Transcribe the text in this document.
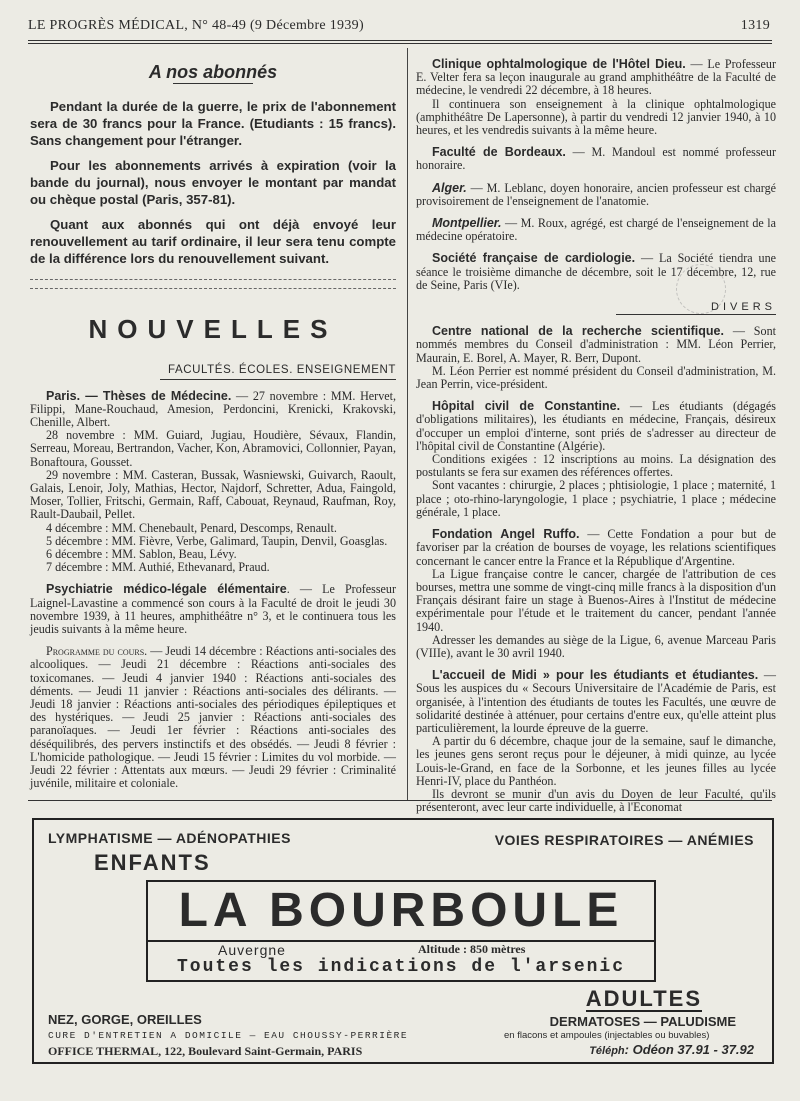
LE PROGRÈS MÉDICAL, N° 48-49 (9 Décembre 1939)	1319
A nos abonnés

Pendant la durée de la guerre, le prix de l'abonnement sera de 30 francs pour la France. (Etudiants : 15 francs). Sans changement pour l'étranger.

Pour les abonnements arrivés à expiration (voir la bande du journal), nous envoyer le montant par mandat ou chèque postal (Paris, 357-81).

Quant aux abonnés qui ont déjà envoyé leur renouvellement au tarif ordinaire, il leur sera tenu compte de la différence lors du renouvellement suivant.

NOUVELLES
FACULTÉS. ÉCOLES. ENSEIGNEMENT

Paris. — Thèses de Médecine. — 27 novembre : MM. Hervet, Filippi, Mane-Rouchaud, Amesion, Perdoncini, Krenicki, Krakovski, Chenille, Albert.

28 novembre : MM. Guiard, Jugiau, Houdière, Sévaux, Flandin, Serreau, Moreau, Bertrandon, Vacher, Kon, Abramovici, Collonnier, Payan, Bonaftoura, Gousset.

29 novembre : MM. Casteran, Bussak, Wasniewski, Guivarch, Raoult, Galais, Lenoir, Joly, Mathias, Hector, Najdorf, Schretter, Adua, Faingold, Moser, Tollier, Fritschi, Germain, Raff, Cabouat, Reynaud, Raufman, Roy, Rault-Daubail, Pellet.

4 décembre : MM. Chenebault, Penard, Descomps, Renault.

5 décembre : MM. Fièvre, Verbe, Galimard, Taupin, Denvil, Goasglas.

6 décembre : MM. Sablon, Beau, Lévy.

7 décembre : MM. Authié, Ethevanard, Praud.

Psychiatrie médico-légale élémentaire. — Le Professeur Laignel-Lavastine a commencé son cours à la Faculté de droit le jeudi 30 novembre 1939, à 11 heures, amphithéâtre n° 3, et le continuera tous les jeudis suivants à la même heure.

Programme du cours. — Jeudi 14 décembre : Réactions anti-sociales des alcooliques. — Jeudi 21 décembre : Réactions anti-sociales des toxicomanes. — Jeudi 4 janvier 1940 : Réactions anti-sociales des déments. — Jeudi 11 janvier : Réactions anti-sociales des délirants. — Jeudi 18 janvier : Réactions anti-sociales des périodiques épileptiques et des hystériques. — Jeudi 25 janvier : Réactions anti-sociales des paranoïaques. — Jeudi 1er février : Réactions anti-sociales des déséquilibrés, des pervers instinctifs et des obsédés. — Jeudi 8 février : L'homicide pathologique. — Jeudi 15 février : Limites du vol morbide. — Jeudi 22 février : Attentats aux mœurs. — Jeudi 29 février : Criminalité juvénile, militaire et coloniale.

Clinique ophtalmologique de l'Hôtel Dieu. — Le Professeur E. Velter fera sa leçon inaugurale au grand amphithéâtre de la Faculté de médecine, le vendredi 22 décembre, à 18 heures.

Il continuera son enseignement à la clinique ophtalmologique (amphithéâtre De Lapersonne), à partir du vendredi 12 janvier 1940, à 10 heures, et les vendredis suivants à la même heure.

Faculté de Bordeaux. — M. Mandoul est nommé professeur honoraire.

Alger. — M. Leblanc, doyen honoraire, ancien professeur est chargé provisoirement de l'enseignement de l'anatomie.

Montpellier. — M. Roux, agrégé, est chargé de l'enseignement de la médecine opératoire.

Société française de cardiologie. — La Société tiendra une séance le troisième dimanche de décembre, soit le 17 décembre, 12, rue de Seine, Paris (VIe).

DIVERS

Centre national de la recherche scientifique. — Sont nommés membres du Conseil d'administration : MM. Léon Perrier, Maurain, E. Borel, A. Mayer, R. Berr, Dupont.

M. Léon Perrier est nommé président du Conseil d'administration, M. Jean Perrin, vice-président.

Hôpital civil de Constantine. — Les étudiants (dégagés d'obligations militaires), les étudiants en médecine, Français, désireux d'occuper un emploi d'interne, sont priés de s'adresser au directeur de l'hôpital civil de Constantine (Algérie).

Conditions exigées : 12 inscriptions au moins. La désignation des postulants se fera sur examen des références offertes.

Sont vacantes : chirurgie, 2 places ; phtisiologie, 1 place ; maternité, 1 place ; oto-rhino-laryngologie, 1 place ; psychiatrie, 1 place ; médecine générale, 1 place.

Fondation Angel Ruffo. — Cette Fondation a pour but de favoriser par la création de bourses de voyage, les relations scientifiques concernant le cancer entre la France et la République d'Argentine.

La Ligue française contre le cancer, chargée de l'attribution de ces bourses, mettra une somme de vingt-cinq mille francs à la disposition d'un Français désirant faire un stage à Buenos-Aires à l'Institut de médecine expérimentale pour l'étude et le traitement du cancer, pendant l'année 1940.

Adresser les demandes au siège de la Ligue, 6, avenue Marceau Paris (VIIIe), avant le 30 avril 1940.

L'accueil de Midi » pour les étudiants et étudiantes. — Sous les auspices du « Secours Universitaire de l'Académie de Paris, est organisée, à l'intention des étudiants de toutes les Facultés, une œuvre de solidarité destinée à atténuer, pour certains d'entre eux, qu'elle atteint plus particulièrement, la lourde épreuve de la guerre.

A partir du 6 décembre, chaque jour de la semaine, sauf le dimanche, les jeunes gens seront reçus pour le déjeuner, à midi quinze, au lycée Louis-le-Grand, en face de la Sorbonne, et les jeunes filles au lycée Henri-IV, place du Panthéon.

Ils devront se munir d'un avis du Doyen de leur Faculté, qu'ils présenteront, avec leur carte individuelle, à l'Economat

LYMPHATISME — ADÉNOPATHIES	VOIES RESPIRATOIRES — ANÉMIES
ENFANTS
LA BOURBOULE
Auvergne	Altitude : 850 mètres
Toutes les indications de l'arsenic
ADULTES
NEZ, GORGE, OREILLES	DERMATOSES — PALUDISME
CURE D'ENTRETIEN A DOMICILE — EAU CHOUSSY-PERRIÈRE	en flacons et ampoules (injectables ou buvables)
OFFICE THERMAL, 122, Boulevard Saint-Germain, PARIS	Téléph: Odéon 37.91 - 37.92
